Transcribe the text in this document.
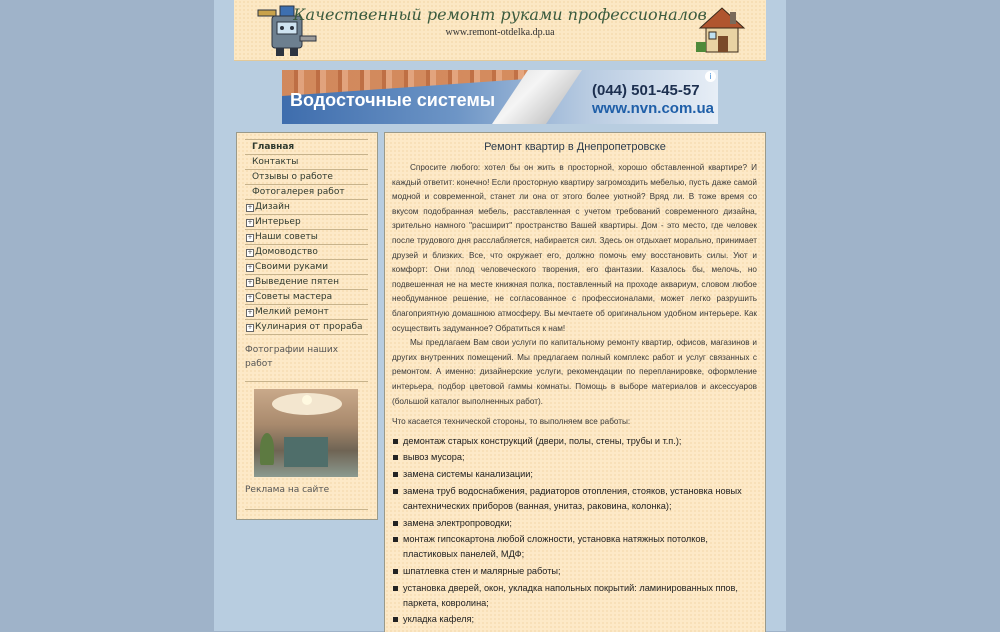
Качественный ремонт руками профессионалов
www.remont-otdelka.dp.ua
Водосточные системы	(044) 501-45-57
www.nvn.com.ua
i
Главная
Контакты
Отзывы о работе
Фотогалерея работ
+ Дизайн
+ Интерьер
+ Наши советы
+ Домоводство
+ Своими руками
+ Выведение пятен
+ Советы мастера
+ Мелкий ремонт
+ Кулинария от прораба
Фотографии наших работ
Реклама на сайте
Ремонт квартир в Днепропетровске

Спросите любого: хотел бы он жить в просторной, хорошо обставленной квартире? И каждый ответит: конечно! Если просторную квартиру загромоздить мебелью, пусть даже самой модной и современной, станет ли она от этого более уютной? Вряд ли. В тоже время со вкусом подобранная мебель, расставленная с учетом требований современного дизайна, зрительно намного "расширит" пространство Вашей квартиры. Дом - это место, где человек после трудового дня расслабляется, набирается сил. Здесь он отдыхает морально, принимает друзей и близких. Все, что окружает его, должно помочь ему восстановить силы. Уют и комфорт: Они плод человеческого творения, его фантазии. Казалось бы, мелочь, но подвешенная не на месте книжная полка, поставленный на проходе аквариум, словом любое необдуманное решение, не согласованное с профессионалами, может легко разрушить благоприятную домашнюю атмосферу. Вы мечтаете об оригинальном удобном интерьере. Как осуществить задуманное? Обратиться к нам!

Мы предлагаем Вам свои услуги по капитальному ремонту квартир, офисов, магазинов и других внутренних помещений. Мы предлагаем полный комплекс работ и услуг связанных с ремонтом. А именно: дизайнерские услуги, рекомендации по перепланировке, оформление интерьера, подбор цветовой гаммы комнаты. Помощь в выборе материалов и аксессуаров (большой каталог выполненных работ).

Что касается технической стороны, то выполняем все работы:

демонтаж старых конструкций (двери, полы, стены, трубы и т.п.);
вывоз мусора;
замена системы канализации;
замена труб водоснабжения, радиаторов отопления, стояков, установка новых сантехнических приборов (ванная, унитаз, раковина, колонка);
замена электропроводки;
монтаж гипсокартона любой сложности, установка натяжных потолков, пластиковых панелей, МДФ;
шпатлевка стен и малярные работы;
установка дверей, окон, укладка напольных покрытий: ламинированных ппов, паркета, ковролина;
укладка кафеля;
